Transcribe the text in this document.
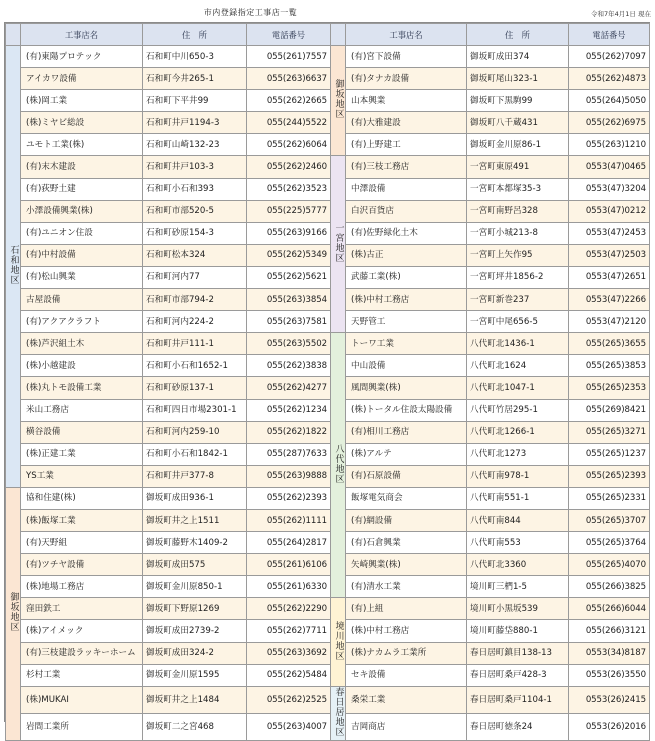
市内登録指定工事店一覧	令和7年4月1日 現在
	工事店名	住　所	電話番号		工事店名	住　所	電話番号
石和地区	(有)東陽プロテック	石和町中川650-3	055(261)7557	御坂地区	(有)宮下設備	御坂町成田374	055(262)7097
	アイカワ設備	石和町今井265-1	055(263)6637		(有)タナカ設備	御坂町尾山323-1	055(262)4873
	(株)岡工業	石和町下平井99	055(262)2665		山本興業	御坂町下黒駒99	055(264)5050
	(株)ミヤビ総設	石和町井戸1194-3	055(244)5522		(有)大雅建設	御坂町八千蔵431	055(262)6975
	ユモト工業(株)	石和町山崎132-23	055(262)6064		(有)上野建工	御坂町金川原86-1	055(263)1210
	(有)末木建設	石和町井戸103-3	055(262)2460	一宮地区	(有)三枝工務店	一宮町東原491	0553(47)0465
	(有)荻野土建	石和町小石和393	055(262)3523		中澤設備	一宮町本都塚35-3	0553(47)3204
	小澤設備興業(株)	石和町市部520-5	055(225)5777		白沢百貨店	一宮町南野呂328	0553(47)0212
	(有)ユニオン住設	石和町砂原154-3	055(263)9166		(有)佐野緑化土木	一宮町小城213-8	0553(47)2453
	(有)中村設備	石和町松本324	055(262)5349		(株)古正	一宮町上矢作95	0553(47)2503
	(有)松山興業	石和町河内77	055(262)5621		武藤工業(株)	一宮町坪井1856-2	0553(47)2651
	古屋設備	石和町市部794-2	055(263)3854		(株)中村工務店	一宮町新巻237	0553(47)2266
	(有)アクアクラフト	石和町河内224-2	055(263)7581		天野管工	一宮町中尾656-5	0553(47)2120
	(株)芦沢組土木	石和町井戸111-1	055(263)5502	八代地区	トーワ工業	八代町北1436-1	055(265)3655
	(株)小越建設	石和町小石和1652-1	055(262)3838		中山設備	八代町北1624	055(265)3853
	(株)丸トモ設備工業	石和町砂原137-1	055(262)4277		風間興業(株)	八代町北1047-1	055(265)2353
	米山工務店	石和町四日市場2301-1	055(262)1234		(株)トータル住設太陽設備	八代町竹居295-1	055(269)8421
	横谷設備	石和町河内259-10	055(262)1822		(有)相川工務店	八代町北1266-1	055(265)3271
	(株)正建工業	石和町小石和1842-1	055(287)7633		(株)アルテ	八代町北1273	055(265)1237
	YS工業	石和町井戸377-8	055(263)9888		(有)石原設備	八代町南978-1	055(265)2393
御坂地区	協和住建(株)	御坂町成田936-1	055(262)2393		飯塚電気商会	八代町南551-1	055(265)2331
	(株)飯塚工業	御坂町井之上1511	055(262)1111		(有)網設備	八代町南844	055(265)3707
	(有)天野組	御坂町藤野木1409-2	055(264)2817		(有)石倉興業	八代町南553	055(265)3764
	(有)ツチヤ設備	御坂町成田575	055(261)6106		矢崎興業(株)	八代町北3360	055(265)4070
	(株)地場工務店	御坂町金川原850-1	055(261)6330		(有)清水工業	境川町三椚1-5	055(266)3825
	窪田鉄工	御坂町下野原1269	055(262)2290	境川地区	(有)上組	境川町小黒坂539	055(266)6044
	(株)アイメック	御坂町成田2739-2	055(262)7711		(株)中村工務店	境川町藤垈880-1	055(266)3121
	(有)三枝建設ラッキーホーム	御坂町成田324-2	055(263)3692		(株)ナカムラ工業所	春日居町鎮目138-13	0553(34)8187
	杉村工業	御坂町金川原1595	055(262)5484		セキ設備	春日居町桑戸428-3	0553(26)3550
	(株)MUKAI	御坂町井之上1484	055(262)2525	春日居地区	桑栄工業	春日居町桑戸1104-1	0553(26)2415
	岩間工業所	御坂町二之宮468	055(263)4007		吉岡商店	春日居町徳条24	0553(26)2016
